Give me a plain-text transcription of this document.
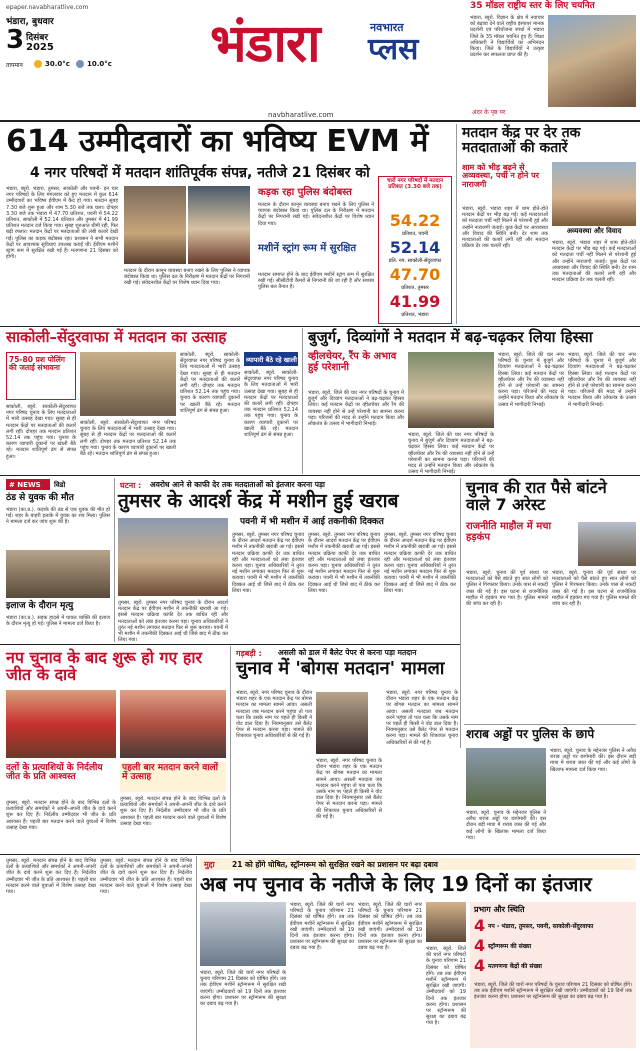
epaper.navabharatlive.com
भंडारा, बुधवार
3 दिसंबर
2025
तापमान	30.0°c 10.0°c भंडारा	नवभारत
प्लस
navbharatlive.com
35 मॉडल राष्ट्रीय स्तर के लिए चयनित
भंडारा, ब्यूरो. विज्ञान के क्षेत्र में नवाचार को बढ़ावा देने वाले राष्ट्रीय इंस्पायर मानक प्रदर्शनी एवं परियोजना स्पर्धा में भंडारा जिले के 35 मॉडल चयनित हुए हैं। शिक्षा अधिकारी ने विद्यार्थियों का अभिनंदन किया। जिले के विद्यार्थियों ने उत्कृष्ट प्रदर्शन कर सफलता प्राप्त की है।
अंदर के पृष्ठ पर
614 उम्मीदवारों का भविष्य EVM में
4 नगर परिषदों में मतदान शांतिपूर्वक संपन्न, नतीजे 21 दिसंबर को
भंडारा, ब्यूरो. भंडारा, तुमसर, साकोली और पवनी- इन चार नगर परिषदों के लिए मंगलवार को हुए मतदान में कुल 614 उम्मीदवारों का भविष्य ईवीएम में कैद हो गया। मतदान सुबह 7.30 बजे शुरू हुआ और शाम 5.30 बजे तक चला। दोपहर 3.30 बजे तक भंडारा में 47.70 प्रतिशत, पवनी में 54.22 प्रतिशत, साकोली में 52.14 प्रतिशत और तुमसर में 41.99 प्रतिशत मतदान दर्ज किया गया। सुबह शुरुआत धीमी रही, फिर बढ़ी रफ्तार। मतदान केंद्रों पर मतदाताओं की लंबी कतारें देखी गईं। पुलिस का कड़क बंदोबस्त रहा। प्रशासन ने सभी मतदान केंद्रों पर आवश्यक सुविधाएं उपलब्ध कराई थीं। ईवीएम मशीनें स्ट्रांग रूम में सुरक्षित रखी गई हैं। मतगणना 21 दिसंबर को होगी।
मतदान के दौरान कानून व्यवस्था बनाए रखने के लिए पुलिस ने व्यापक बंदोबस्त किया था। पुलिस दल के निरीक्षण में मतदान केंद्रों पर निगरानी रखी गई। संवेदनशील केंद्रों पर विशेष ध्यान दिया गया।
कड़क रहा पुलिस बंदोबस्त
मतदान के दौरान कानून व्यवस्था बनाए रखने के लिए पुलिस ने व्यापक बंदोबस्त किया था। पुलिस दल के निरीक्षण में मतदान केंद्रों पर निगरानी रखी गई। संवेदनशील केंद्रों पर विशेष ध्यान दिया गया।
मशीनें स्ट्रांग रूम में सुरक्षित
मतदान समाप्त होने के बाद ईवीएम मशीनें स्ट्रांग रूम में सुरक्षित रखी गई। सीसीटीवी कैमरों से निगरानी की जा रही है और सशस्त्र पुलिस बल तैनात है।
चारों नगर परिषदों में मतदान प्रतिशत (3.30 बजे तक)
54.22
प्रतिशत, पवनी
52.14
प्रति. नप. साकोली-सेंदुरवाफा
47.70
प्रतिशत, तुमसर
41.99
प्रतिशत, भंडारा
मतदान केंद्र पर देर तक मतदाताओं की कतारें
शाम को भीड़ बढ़ने से अव्यवस्था, पर्ची न होने पर नाराजगी
अव्यवस्था और विवाद
भंडारा, ब्यूरो. भंडारा शहर में शाम होते-होते मतदान केंद्रों पर भीड़ बढ़ गई। कई मतदाताओं को मतदाता पर्ची नहीं मिलने से परेशानी हुई और उन्होंने नाराजगी जताई। कुछ केंद्रों पर अव्यवस्था और विवाद की स्थिति बनी। देर शाम तक मतदाताओं की कतारें लगी रहीं और मतदान प्रक्रिया देर तक चलती रही।
भंडारा, ब्यूरो. भंडारा शहर में शाम होते-होते मतदान केंद्रों पर भीड़ बढ़ गई। कई मतदाताओं को मतदाता पर्ची नहीं मिलने से परेशानी हुई और उन्होंने नाराजगी जताई। कुछ केंद्रों पर अव्यवस्था और विवाद की स्थिति बनी। देर शाम तक मतदाताओं की कतारें लगी रहीं और मतदान प्रक्रिया देर तक चलती रही।
साकोली–सेंदुरवाफा में मतदान का उत्साह
75-80 प्रश पोलिंग की जताई संभावना
साकोली, ब्यूरो. साकोली-सेंदुरवाफा नगर परिषद चुनाव के लिए मतदाताओं में भारी उत्साह देखा गया। सुबह से ही मतदान केंद्रों पर मतदाताओं की कतारें लगी रहीं। दोपहर तक मतदान प्रतिशत 52.14 तक पहुंच गया। चुनाव के कारण व्यापारी दुकानों पर खाली बैठे रहे। मतदान शांतिपूर्ण ढंग से संपन्न हुआ।
साकोली, ब्यूरो. साकोली-सेंदुरवाफा नगर परिषद चुनाव के लिए मतदाताओं में भारी उत्साह देखा गया। सुबह से ही मतदान केंद्रों पर मतदाताओं की कतारें लगी रहीं। दोपहर तक मतदान प्रतिशत 52.14 तक पहुंच गया। चुनाव के कारण व्यापारी दुकानों पर खाली बैठे रहे। मतदान शांतिपूर्ण ढंग से संपन्न हुआ।
साकोली, ब्यूरो. साकोली-सेंदुरवाफा नगर परिषद चुनाव के लिए मतदाताओं में भारी उत्साह देखा गया। सुबह से ही मतदान केंद्रों पर मतदाताओं की कतारें लगी रहीं। दोपहर तक मतदान प्रतिशत 52.14 तक पहुंच गया। चुनाव के कारण व्यापारी दुकानों पर खाली बैठे रहे। मतदान शांतिपूर्ण ढंग से संपन्न हुआ।
व्यापारी बैठे रहे खाली
साकोली, ब्यूरो. साकोली-सेंदुरवाफा नगर परिषद चुनाव के लिए मतदाताओं में भारी उत्साह देखा गया। सुबह से ही मतदान केंद्रों पर मतदाताओं की कतारें लगी रहीं। दोपहर तक मतदान प्रतिशत 52.14 तक पहुंच गया। चुनाव के कारण व्यापारी दुकानों पर खाली बैठे रहे। मतदान शांतिपूर्ण ढंग से संपन्न हुआ।
बुजुर्ग, दिव्यांगों ने मतदान में बढ़-चढ़कर लिया हिस्सा
व्हीलचेयर, रैंप के अभाव हुई परेशानी
भंडारा, ब्यूरो. जिले की चार नगर परिषदों के चुनाव में बुजुर्ग और दिव्यांग मतदाताओं ने बढ़-चढ़कर हिस्सा लिया। कई मतदान केंद्रों पर व्हीलचेयर और रैंप की व्यवस्था नहीं होने से उन्हें परेशानी का सामना करना पड़ा। परिजनों की मदद से उन्होंने मतदान किया और लोकतंत्र के उत्सव में भागीदारी निभाई।
भंडारा, ब्यूरो. जिले की चार नगर परिषदों के चुनाव में बुजुर्ग और दिव्यांग मतदाताओं ने बढ़-चढ़कर हिस्सा लिया। कई मतदान केंद्रों पर व्हीलचेयर और रैंप की व्यवस्था नहीं होने से उन्हें परेशानी का सामना करना पड़ा। परिजनों की मदद से उन्होंने मतदान किया और लोकतंत्र के उत्सव में भागीदारी निभाई।
भंडारा, ब्यूरो. जिले की चार नगर परिषदों के चुनाव में बुजुर्ग और दिव्यांग मतदाताओं ने बढ़-चढ़कर हिस्सा लिया। कई मतदान केंद्रों पर व्हीलचेयर और रैंप की व्यवस्था नहीं होने से उन्हें परेशानी का सामना करना पड़ा। परिजनों की मदद से उन्होंने मतदान किया और लोकतंत्र के उत्सव में भागीदारी निभाई।
भंडारा, ब्यूरो. जिले की चार नगर परिषदों के चुनाव में बुजुर्ग और दिव्यांग मतदाताओं ने बढ़-चढ़कर हिस्सा लिया। कई मतदान केंद्रों पर व्हीलचेयर और रैंप की व्यवस्था नहीं होने से उन्हें परेशानी का सामना करना पड़ा। परिजनों की मदद से उन्होंने मतदान किया और लोकतंत्र के उत्सव में भागीदारी निभाई।
# NEWS विडो
ठंड से युवक की मौत
भंडारा (का.प्र.). कड़ाके की ठंड से एक युवक की मौत हो गई। शहर के बाहरी इलाके में युवक का शव मिला। पुलिस ने मामला दर्ज कर जांच शुरू की है।
इलाज के दौरान मृत्यु
भंडारा (का.प्र.). सड़क हादसे में घायल व्यक्ति की इलाज के दौरान मृत्यु हो गई। पुलिस ने मामला दर्ज किया है।
घटना : अवरोध आने से काफी देर तक मतदाताओं को इंतजार करना पड़ा
तुमसर के आदर्श केंद्र में मशीन हुई खराब
पवनी में भी मशीन में आई तकनीकी दिक्कत
तुमसर, ब्यूरो. तुमसर नगर परिषद चुनाव के दौरान आदर्श मतदान केंद्र पर ईवीएम मशीन में तकनीकी खराबी आ गई। इससे मतदान प्रक्रिया काफी देर तक बाधित रही और मतदाताओं को लंबा इंतजार करना पड़ा। चुनाव अधिकारियों ने तुरंत नई मशीन लगाकर मतदान फिर से शुरू कराया। पवनी में भी मशीन में तकनीकी दिक्कत आई थी जिसे बाद में ठीक कर लिया गया।
तुमसर, ब्यूरो. तुमसर नगर परिषद चुनाव के दौरान आदर्श मतदान केंद्र पर ईवीएम मशीन में तकनीकी खराबी आ गई। इससे मतदान प्रक्रिया काफी देर तक बाधित रही और मतदाताओं को लंबा इंतजार करना पड़ा। चुनाव अधिकारियों ने तुरंत नई मशीन लगाकर मतदान फिर से शुरू कराया। पवनी में भी मशीन में तकनीकी दिक्कत आई थी जिसे बाद में ठीक कर लिया गया।
तुमसर, ब्यूरो. तुमसर नगर परिषद चुनाव के दौरान आदर्श मतदान केंद्र पर ईवीएम मशीन में तकनीकी खराबी आ गई। इससे मतदान प्रक्रिया काफी देर तक बाधित रही और मतदाताओं को लंबा इंतजार करना पड़ा। चुनाव अधिकारियों ने तुरंत नई मशीन लगाकर मतदान फिर से शुरू कराया। पवनी में भी मशीन में तकनीकी दिक्कत आई थी जिसे बाद में ठीक कर लिया गया।
तुमसर, ब्यूरो. तुमसर नगर परिषद चुनाव के दौरान आदर्श मतदान केंद्र पर ईवीएम मशीन में तकनीकी खराबी आ गई। इससे मतदान प्रक्रिया काफी देर तक बाधित रही और मतदाताओं को लंबा इंतजार करना पड़ा। चुनाव अधिकारियों ने तुरंत नई मशीन लगाकर मतदान फिर से शुरू कराया। पवनी में भी मशीन में तकनीकी दिक्कत आई थी जिसे बाद में ठीक कर लिया गया।
चुनाव की रात पैसे बांटने वाले 7 अरेस्ट
राजनीति माहौल में मचा हड़कंप
भंडारा, ब्यूरो. चुनाव की पूर्व संध्या पर मतदाताओं को पैसे बांटते हुए सात लोगों को पुलिस ने गिरफ्तार किया। उनके पास से नकदी जब्त की गई है। इस घटना से राजनीतिक माहौल में हड़कंप मच गया है। पुलिस मामले की जांच कर रही है।
भंडारा, ब्यूरो. चुनाव की पूर्व संध्या पर मतदाताओं को पैसे बांटते हुए सात लोगों को पुलिस ने गिरफ्तार किया। उनके पास से नकदी जब्त की गई है। इस घटना से राजनीतिक माहौल में हड़कंप मच गया है। पुलिस मामले की जांच कर रही है।
नप चुनाव के बाद शुरू हो गए हार जीत के दावे
दलों के प्रत्याशियों के निर्दलीय जीत के प्रति आश्वस्त
तुमसर, ब्यूरो. मतदान संपन्न होने के बाद विभिन्न दलों के प्रत्याशियों और समर्थकों ने अपनी-अपनी जीत के दावे करने शुरू कर दिए हैं। निर्दलीय उम्मीदवार भी जीत के प्रति आश्वस्त हैं। पहली बार मतदान करने वाले युवाओं में विशेष उत्साह देखा गया।
पहली बार मतदान करने वालों में उत्साह
तुमसर, ब्यूरो. मतदान संपन्न होने के बाद विभिन्न दलों के प्रत्याशियों और समर्थकों ने अपनी-अपनी जीत के दावे करने शुरू कर दिए हैं। निर्दलीय उम्मीदवार भी जीत के प्रति आश्वस्त हैं। पहली बार मतदान करने वाले युवाओं में विशेष उत्साह देखा गया।
गड़बड़ी : असली को डाल में बैलेट पेपर से करना पड़ा मतदान
चुनाव में 'बोगस मतदान' मामला
भंडारा, ब्यूरो. नगर परिषद चुनाव के दौरान भंडारा शहर के एक मतदान केंद्र पर बोगस मतदान का मामला सामने आया। असली मतदाता जब मतदान करने पहुंचा तो पता चला कि उसके नाम पर पहले ही किसी ने वोट डाल दिया है। नियमानुसार उसे बैलेट पेपर से मतदान करना पड़ा। मामले की शिकायत चुनाव अधिकारियों से की गई है।
भंडारा, ब्यूरो. नगर परिषद चुनाव के दौरान भंडारा शहर के एक मतदान केंद्र पर बोगस मतदान का मामला सामने आया। असली मतदाता जब मतदान करने पहुंचा तो पता चला कि उसके नाम पर पहले ही किसी ने वोट डाल दिया है। नियमानुसार उसे बैलेट पेपर से मतदान करना पड़ा। मामले की शिकायत चुनाव अधिकारियों से की गई है।
भंडारा, ब्यूरो. नगर परिषद चुनाव के दौरान भंडारा शहर के एक मतदान केंद्र पर बोगस मतदान का मामला सामने आया। असली मतदाता जब मतदान करने पहुंचा तो पता चला कि उसके नाम पर पहले ही किसी ने वोट डाल दिया है। नियमानुसार उसे बैलेट पेपर से मतदान करना पड़ा। मामले की शिकायत चुनाव अधिकारियों से की गई है।
शराब अड्डों पर पुलिस के छापे
भंडारा, ब्यूरो. चुनाव के मद्देनजर पुलिस ने अवैध शराब अड्डों पर छापेमारी की। इस दौरान बड़ी मात्रा में शराब जब्त की गई और कई लोगों के खिलाफ मामला दर्ज किया गया।
भंडारा, ब्यूरो. चुनाव के मद्देनजर पुलिस ने अवैध शराब अड्डों पर छापेमारी की। इस दौरान बड़ी मात्रा में शराब जब्त की गई और कई लोगों के खिलाफ मामला दर्ज किया गया।
मुद्दा 21 को होंगे घोषित, स्ट्रॉन्गरूम को सुरक्षित रखने का प्रशासन पर बढ़ा दबाव
अब नप चुनाव के नतीजे के लिए 19 दिनों का इंतजार
भंडारा, ब्यूरो. जिले की चारों नगर परिषदों के चुनाव परिणाम 21 दिसंबर को घोषित होंगे। तब तक ईवीएम मशीनें स्ट्रॉन्गरूम में सुरक्षित रखी जाएंगी। उम्मीदवारों को 19 दिनों तक इंतजार करना होगा। प्रशासन पर स्ट्रॉन्गरूम की सुरक्षा का दबाव बढ़ गया है।
भंडारा, ब्यूरो. जिले की चारों नगर परिषदों के चुनाव परिणाम 21 दिसंबर को घोषित होंगे। तब तक ईवीएम मशीनें स्ट्रॉन्गरूम में सुरक्षित रखी जाएंगी। उम्मीदवारों को 19 दिनों तक इंतजार करना होगा। प्रशासन पर स्ट्रॉन्गरूम की सुरक्षा का दबाव बढ़ गया है।
भंडारा, ब्यूरो. जिले की चारों नगर परिषदों के चुनाव परिणाम 21 दिसंबर को घोषित होंगे। तब तक ईवीएम मशीनें स्ट्रॉन्गरूम में सुरक्षित रखी जाएंगी। उम्मीदवारों को 19 दिनों तक इंतजार करना होगा। प्रशासन पर स्ट्रॉन्गरूम की सुरक्षा का दबाव बढ़ गया है।	भंडारा, ब्यूरो. जिले की चारों नगर परिषदों के चुनाव परिणाम 21 दिसंबर को घोषित होंगे। तब तक ईवीएम मशीनें स्ट्रॉन्गरूम में सुरक्षित रखी जाएंगी। उम्मीदवारों को 19 दिनों तक इंतजार करना होगा। प्रशासन पर स्ट्रॉन्गरूम की सुरक्षा का दबाव बढ़ गया है।
प्रभाग और स्थिति
4 नप - भंडारा, तुमसर, पवनी, साकोली-सेंदुरवाफा
4 स्ट्रॉन्गरूम की संख्या
4 मतगणना केंद्रों की संख्या
भंडारा, ब्यूरो. जिले की चारों नगर परिषदों के चुनाव परिणाम 21 दिसंबर को घोषित होंगे। तब तक ईवीएम मशीनें स्ट्रॉन्गरूम में सुरक्षित रखी जाएंगी। उम्मीदवारों को 19 दिनों तक इंतजार करना होगा। प्रशासन पर स्ट्रॉन्गरूम की सुरक्षा का दबाव बढ़ गया है।
तुमसर, ब्यूरो. मतदान संपन्न होने के बाद विभिन्न दलों के प्रत्याशियों और समर्थकों ने अपनी-अपनी जीत के दावे करने शुरू कर दिए हैं। निर्दलीय उम्मीदवार भी जीत के प्रति आश्वस्त हैं। पहली बार मतदान करने वाले युवाओं में विशेष उत्साह देखा गया।
तुमसर, ब्यूरो. मतदान संपन्न होने के बाद विभिन्न दलों के प्रत्याशियों और समर्थकों ने अपनी-अपनी जीत के दावे करने शुरू कर दिए हैं। निर्दलीय उम्मीदवार भी जीत के प्रति आश्वस्त हैं। पहली बार मतदान करने वाले युवाओं में विशेष उत्साह देखा गया।
